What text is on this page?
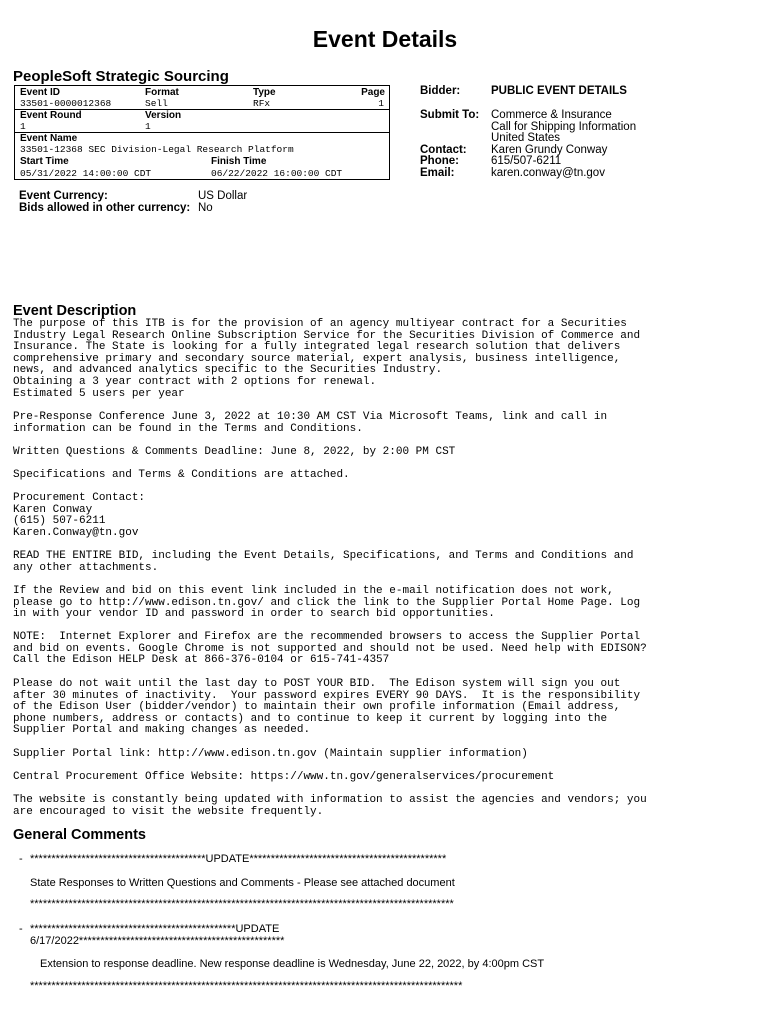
Event Details
PeopleSoft Strategic Sourcing
Event ID	Format	Type	Page
33501-0000012368	Sell	RFx	1
Event Round	Version
1	1
Event Name
33501-12368 SEC Division-Legal Research Platform
Start Time	Finish Time
05/31/2022 14:00:00 CDT	06/22/2022 16:00:00 CDT
Event Currency:	US Dollar
Bids allowed in other currency: No
Bidder:	PUBLIC EVENT DETAILS
Submit To: Commerce & Insurance
Call for Shipping Information
United States
Contact: Karen Grundy Conway
Phone:	615/507-6211
Email:	karen.conway@tn.gov
Event Description
The purpose of this ITB is for the provision of an agency multiyear contract for a Securities
Industry Legal Research Online Subscription Service for the Securities Division of Commerce and
Insurance. The State is looking for a fully integrated legal research solution that delivers
comprehensive primary and secondary source material, expert analysis, business intelligence,
news, and advanced analytics specific to the Securities Industry.
Obtaining a 3 year contract with 2 options for renewal.
Estimated 5 users per year
Pre-Response Conference June 3, 2022 at 10:30 AM CST Via Microsoft Teams, link and call in
information can be found in the Terms and Conditions.
Written Questions & Comments Deadline: June 8, 2022, by 2:00 PM CST
Specifications and Terms & Conditions are attached.
Procurement Contact:
Karen Conway
(615) 507-6211
Karen.Conway@tn.gov
READ THE ENTIRE BID, including the Event Details, Specifications, and Terms and Conditions and
any other attachments.
If the Review and bid on this event link included in the e-mail notification does not work,
please go to http://www.edison.tn.gov/ and click the link to the Supplier Portal Home Page. Log
in with your vendor ID and password in order to search bid opportunities.
NOTE:  Internet Explorer and Firefox are the recommended browsers to access the Supplier Portal
and bid on events. Google Chrome is not supported and should not be used. Need help with EDISON?
Call the Edison HELP Desk at 866-376-0104 or 615-741-4357
Please do not wait until the last day to POST YOUR BID.  The Edison system will sign you out
after 30 minutes of inactivity.  Your password expires EVERY 90 DAYS.  It is the responsibility
of the Edison User (bidder/vendor) to maintain their own profile information (Email address,
phone numbers, address or contacts) and to continue to keep it current by logging into the
Supplier Portal and making changes as needed.
Supplier Portal link: http://www.edison.tn.gov (Maintain supplier information)
Central Procurement Office Website: https://www.tn.gov/generalservices/procurement
The website is constantly being updated with information to assist the agencies and vendors; you
are encouraged to visit the website frequently.
General Comments
- *****************************************UPDATE**********************************************
State Responses to Written Questions and Comments - Please see attached document
***************************************************************************************************
- ************************************************UPDATE
6/17/2022************************************************
Extension to response deadline. New response deadline is Wednesday, June 22, 2022, by 4:00pm CST
*****************************************************************************************************
